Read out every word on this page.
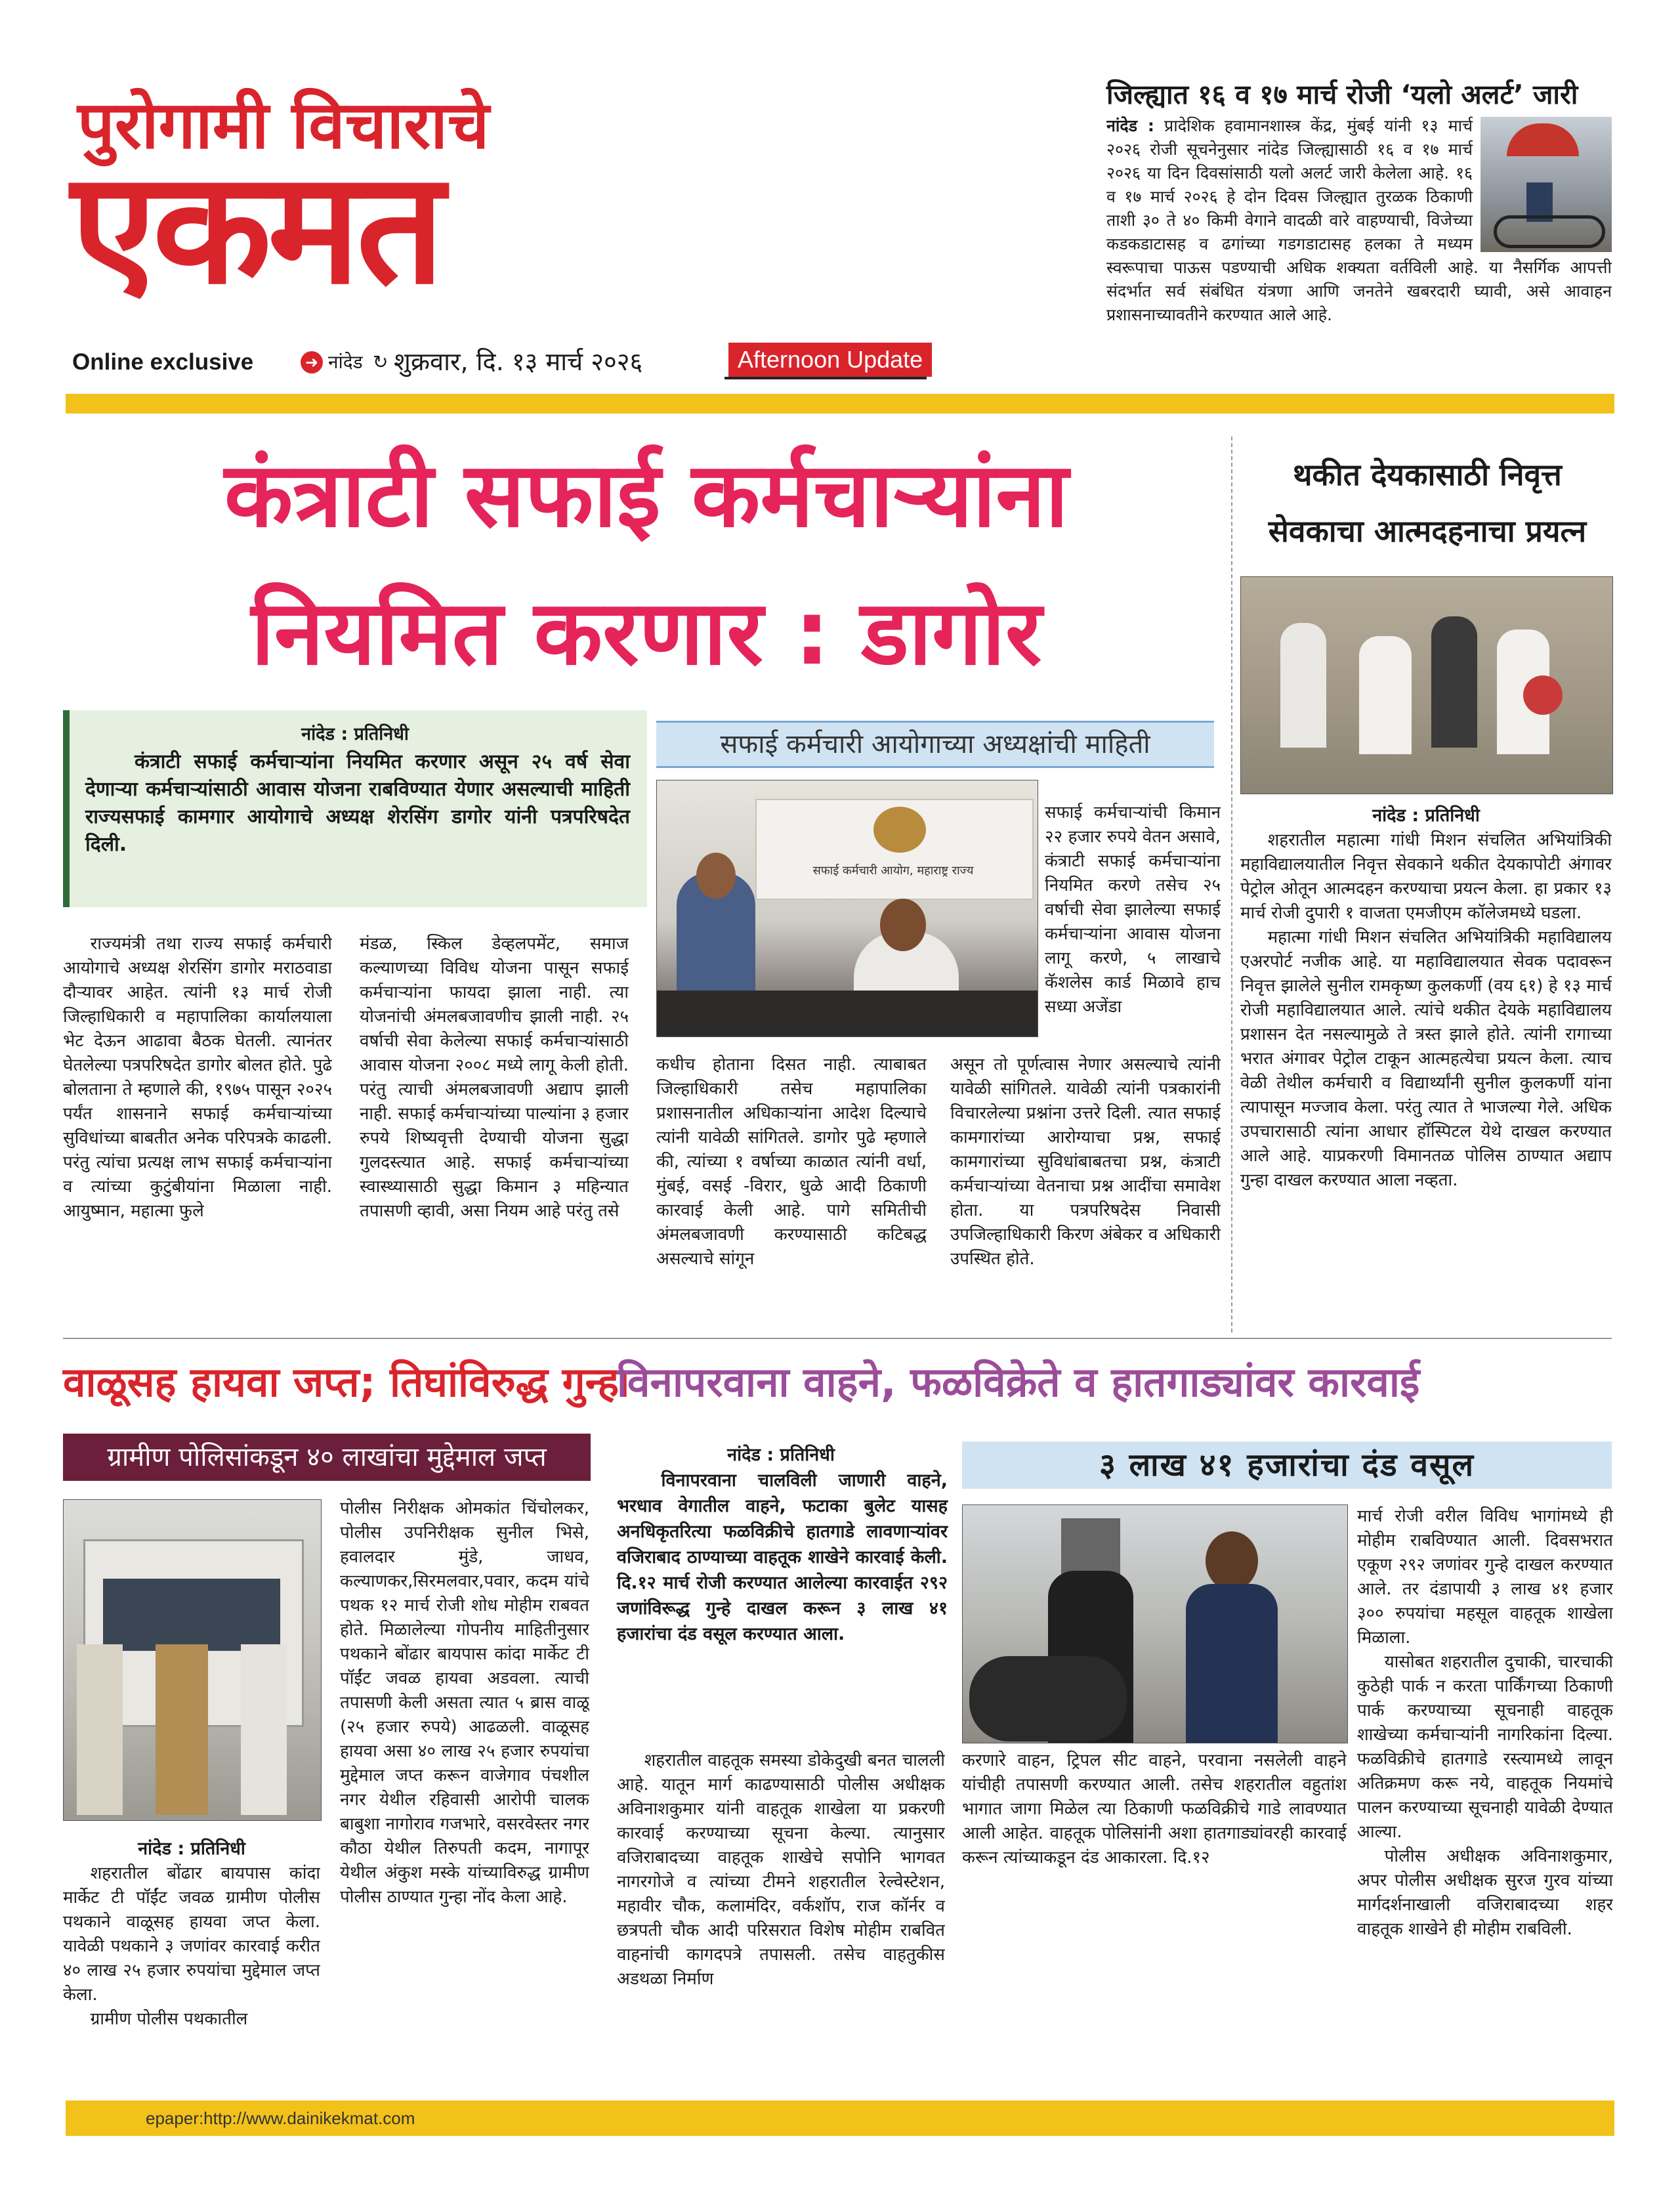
पुरोगामी विचाराचे
एकमत
Online exclusive	➜ नांदेड ↻ शुक्रवार, दि. १३ मार्च २०२६	Afternoon Update
जिल्ह्यात १६ व १७ मार्च रोजी ‘यलो अलर्ट’ जारी
नांदेड : प्रादेशिक हवामानशास्त्र केंद्र, मुंबई यांनी १३ मार्च २०२६ रोजी सूचनेनुसार नांदेड जिल्ह्यासाठी १६ व १७ मार्च २०२६ या दिन दिवसांसाठी यलो अलर्ट जारी केलेला आहे. १६ व १७ मार्च २०२६ हे दोन दिवस जिल्ह्यात तुरळक ठिकाणी ताशी ३० ते ४० किमी वेगाने वादळी वारे वाहण्याची, विजेच्या कडकडाटासह व ढगांच्या गडगडाटासह हलका ते मध्यम स्वरूपाचा पाऊस पडण्याची अधिक शक्यता वर्तविली आहे. या नैसर्गिक आपत्ती संदर्भात सर्व संबंधित यंत्रणा आणि जनतेने खबरदारी घ्यावी, असे आवाहन प्रशासनाच्यावतीने करण्यात आले आहे.
कंत्राटी सफाई कर्मचाऱ्यांना
नियमित करणार : डागोर
नांदेड : प्रतिनिधी
कंत्राटी सफाई कर्मचाऱ्यांना नियमित करणार असून २५ वर्ष सेवा देणाऱ्या कर्मचाऱ्यांसाठी आवास योजना राबविण्यात येणार असल्याची माहिती राज्यसफाई कामगार आयोगाचे अध्यक्ष शेरसिंग डागोर यांनी पत्रपरिषदेत दिली.
सफाई कर्मचारी आयोगाच्या अध्यक्षांची माहिती
सफाई कर्मचारी आयोग, महाराष्ट्र राज्य
सफाई कर्मचाऱ्यांची किमान २२ हजार रुपये वेतन असावे, कंत्राटी सफाई कर्मचाऱ्यांना नियमित करणे तसेच २५ वर्षाची सेवा झालेल्या सफाई कर्मचाऱ्यांना आवास योजना लागू करणे, ५ लाखाचे कॅशलेस कार्ड मिळावे हाच सध्या अजेंडा

राज्यमंत्री तथा राज्य सफाई कर्मचारी आयोगाचे अध्यक्ष शेरसिंग डागोर मराठवाडा दौऱ्यावर आहेत. त्यांनी १३ मार्च रोजी जिल्हाधिकारी व महापालिका कार्यालयाला भेट देऊन आढावा बैठक घेतली. त्यानंतर घेतलेल्या पत्रपरिषदेत डागोर बोलत होते. पुढे बोलताना ते म्हणाले की, १९७५ पासून २०२५ पर्यंत शासनाने सफाई कर्मचाऱ्यांच्या सुविधांच्या बाबतीत अनेक परिपत्रके काढली. परंतु त्यांचा प्रत्यक्ष लाभ सफाई कर्मचाऱ्यांना व त्यांच्या कुटुंबीयांना मिळाला नाही. आयुष्मान, महात्मा फुले

मंडळ, स्किल डेव्हलपमेंट, समाज कल्याणच्या विविध योजना पासून सफाई कर्मचाऱ्यांना फायदा झाला नाही. त्या योजनांची अंमलबजावणीच झाली नाही. २५ वर्षाची सेवा केलेल्या सफाई कर्मचाऱ्यांसाठी आवास योजना २००८ मध्ये लागू केली होती. परंतु त्याची अंमलबजावणी अद्याप झाली नाही. सफाई कर्मचाऱ्यांच्या पाल्यांना ३ हजार रुपये शिष्यवृत्ती देण्याची योजना सुद्धा गुलदस्त्यात आहे. सफाई कर्मचाऱ्यांच्या स्वास्थ्यासाठी सुद्धा किमान ३ महिन्यात तपासणी व्हावी, असा नियम आहे परंतु तसे

कधीच होताना दिसत नाही. त्याबाबत जिल्हाधिकारी तसेच महापालिका प्रशासनातील अधिकाऱ्यांना आदेश दिल्याचे त्यांनी यावेळी सांगितले. डागोर पुढे म्हणाले की, त्यांच्या १ वर्षाच्या काळात त्यांनी वर्धा, मुंबई, वसई -विरार, धुळे आदी ठिकाणी कारवाई केली आहे. पागे समितीची अंमलबजावणी करण्यासाठी कटिबद्ध असल्याचे सांगून

असून तो पूर्णत्वास नेणार असल्याचे त्यांनी यावेळी सांगितले. यावेळी त्यांनी पत्रकारांनी विचारलेल्या प्रश्नांना उत्तरे दिली. त्यात सफाई कामगारांच्या आरोग्याचा प्रश्न, सफाई कामगारांच्या सुविधांबाबतचा प्रश्न, कंत्राटी कर्मचाऱ्यांच्या वेतनाचा प्रश्न आदींचा समावेश होता. या पत्रपरिषदेस निवासी उपजिल्हाधिकारी किरण अंबेकर व अधिकारी उपस्थित होते.

थकीत देयकासाठी निवृत्त
सेवकाचा आत्मदहनाचा प्रयत्न
नांदेड : प्रतिनिधी

शहरातील महात्मा गांधी मिशन संचलित अभियांत्रिकी महाविद्यालयातील निवृत्त सेवकाने थकीत देयकापोटी अंगावर पेट्रोल ओतून आत्मदहन करण्याचा प्रयत्न केला. हा प्रकार १३ मार्च रोजी दुपारी १ वाजता एमजीएम कॉलेजमध्ये घडला.

महात्मा गांधी मिशन संचलित अभियांत्रिकी महाविद्यालय एअरपोर्ट नजीक आहे. या महाविद्यालयात सेवक पदावरून निवृत्त झालेले सुनील रामकृष्ण कुलकर्णी (वय ६१) हे १३ मार्च रोजी महाविद्यालयात आले. त्यांचे थकीत देयके महाविद्यालय प्रशासन देत नसल्यामुळे ते त्रस्त झाले होते. त्यांनी रागाच्या भरात अंगावर पेट्रोल टाकून आत्महत्येचा प्रयत्न केला. त्याच वेळी तेथील कर्मचारी व विद्यार्थ्यांनी सुनील कुलकर्णी यांना त्यापासून मज्जाव केला. परंतु त्यात ते भाजल्या गेले. अधिक उपचारासाठी त्यांना आधार हॉस्पिटल येथे दाखल करण्यात आले आहे. याप्रकरणी विमानतळ पोलिस ठाण्यात अद्याप गुन्हा दाखल करण्यात आला नव्हता.

वाळूसह हायवा जप्त; तिघांविरुद्ध गुन्हा
ग्रामीण पोलिसांकडून ४० लाखांचा मुद्देमाल जप्त
नांदेड : प्रतिनिधी

शहरातील बोंढार बायपास कांदा मार्केट टी पॉईंट जवळ ग्रामीण पोलीस पथकाने वाळूसह हायवा जप्त केला. यावेळी पथकाने ३ जणांवर कारवाई करीत ४० लाख २५ हजार रुपयांचा मुद्देमाल जप्त केला.

ग्रामीण पोलीस पथकातील

पोलीस निरीक्षक ओमकांत चिंचोलकर, पोलीस उपनिरीक्षक सुनील भिसे, हवालदार मुंडे, जाधव, कल्याणकर,सिरमलवार,पवार, कदम यांचे पथक १२ मार्च रोजी शोध मोहीम राबवत होते. मिळालेल्या गोपनीय माहितीनुसार पथकाने बोंढार बायपास कांदा मार्केट टी पॉईंट जवळ हायवा अडवला. त्याची तपासणी केली असता त्यात ५ ब्रास वाळू (२५ हजार रुपये) आढळली. वाळूसह हायवा असा ४० लाख २५ हजार रुपयांचा मुद्देमाल जप्त करून वाजेगाव पंचशील नगर येथील रहिवासी आरोपी चालक बाबुशा नागोराव गजभारे, वसरवेस्तर नगर कौठा येथील तिरुपती कदम, नागापूर येथील अंकुश मस्के यांच्याविरुद्ध ग्रामीण पोलीस ठाण्यात गुन्हा नोंद केला आहे.

विनापरवाना वाहने, फळविक्रेते व हातगाड्यांवर कारवाई
नांदेड : प्रतिनिधी
विनापरवाना चालविली जाणारी वाहने, भरधाव वेगातील वाहने, फटाका बुलेट यासह अनधिकृतरित्या फळविक्रीचे हातगाडे लावणाऱ्यांवर वजिराबाद ठाण्याच्या वाहतूक शाखेने कारवाई केली. दि.१२ मार्च रोजी करण्यात आलेल्या कारवाईत २९२ जणांविरूद्ध गुन्हे दाखल करून ३ लाख ४१ हजारांचा दंड वसूल करण्यात आला.
३ लाख ४१ हजारांचा दंड वसूल

शहरातील वाहतूक समस्या डोकेदुखी बनत चालली आहे. यातून मार्ग काढण्यासाठी पोलीस अधीक्षक अविनाशकुमार यांनी वाहतूक शाखेला या प्रकरणी कारवाई करण्याच्या सूचना केल्या. त्यानुसार वजिराबादच्या वाहतूक शाखेचे सपोनि भागवत नागरगोजे व त्यांच्या टीमने शहरातील रेल्वेस्टेशन, महावीर चौक, कलामंदिर, वर्कशॉप, राज कॉर्नर व छत्रपती चौक आदी परिसरात विशेष मोहीम राबवित वाहनांची कागदपत्रे तपासली. तसेच वाहतुकीस अडथळा निर्माण

करणारे वाहन, ट्रिपल सीट वाहने, परवाना नसलेली वाहने यांचीही तपासणी करण्यात आली. तसेच शहरातील वहुतांश भागात जागा मिळेल त्या ठिकाणी फळविक्रीचे गाडे लावण्यात आली आहेत. वाहतूक पोलिसांनी अशा हातगाड्यांवरही कारवाई करून त्यांच्याकडून दंड आकारला. दि.१२

मार्च रोजी वरील विविध भागांमध्ये ही मोहीम राबविण्यात आली. दिवसभरात एकूण २९२ जणांवर गुन्हे दाखल करण्यात आले. तर दंडापायी ३ लाख ४१ हजार ३०० रुपयांचा महसूल वाहतूक शाखेला मिळाला.

यासोबत शहरातील दुचाकी, चारचाकी कुठेही पार्क न करता पार्किंगच्या ठिकाणी पार्क करण्याच्या सूचनाही वाहतूक शाखेच्या कर्मचाऱ्यांनी नागरिकांना दिल्या. फळविक्रीचे हातगाडे रस्त्यामध्ये लावून अतिक्रमण करू नये, वाहतूक नियमांचे पालन करण्याच्या सूचनाही यावेळी देण्यात आल्या.

पोलीस अधीक्षक अविनाशकुमार, अपर पोलीस अधीक्षक सुरज गुरव यांच्या मार्गदर्शनाखाली वजिराबादच्या शहर वाहतूक शाखेने ही मोहीम राबविली.

epaper:http://www.dainikekmat.com
